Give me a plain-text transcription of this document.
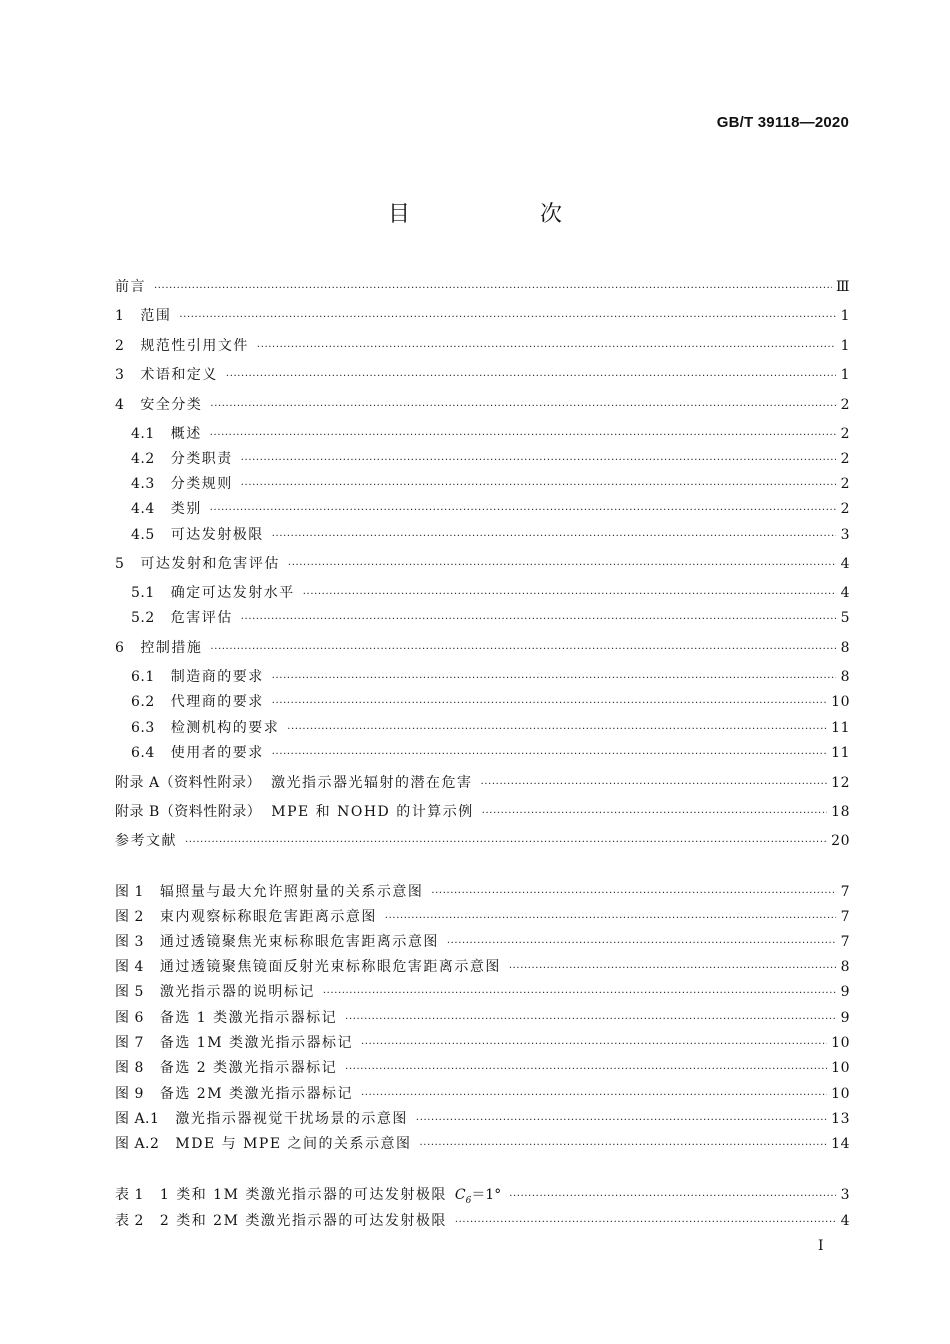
GB/T 39118—2020
目　次
前言 ·····	Ⅲ
1 范围 ·····	1
2 规范性引用文件 ·····	1
3 术语和定义 ·····	1
4 安全分类 ·····	2
4.1 概述 ·····	2
4.2 分类职责 ·····	2
4.3 分类规则 ·····	2
4.4 类别 ·····	2
4.5 可达发射极限 ·····	3
5 可达发射和危害评估 ·····	4
5.1 确定可达发射水平 ·····	4
5.2 危害评估 ·····	5
6 控制措施 ·····	8
6.1 制造商的要求 ·····	8
6.2 代理商的要求 ·····	10
6.3 检测机构的要求 ·····	11
6.4 使用者的要求 ·····	11
附录 A（资料性附录） 激光指示器光辐射的潜在危害 ·····	12
附录 B（资料性附录） MPE 和 NOHD 的计算示例 ·····	18
参考文献 ·····	20
图 1 辐照量与最大允许照射量的关系示意图 ·····	7
图 2 束内观察标称眼危害距离示意图 ·····	7
图 3 通过透镜聚焦光束标称眼危害距离示意图 ·····	7
图 4 通过透镜聚焦镜面反射光束标称眼危害距离示意图 ·····	8
图 5 激光指示器的说明标记 ·····	9
图 6 备选 1 类激光指示器标记 ·····	9
图 7 备选 1M 类激光指示器标记 ·····	10
图 8 备选 2 类激光指示器标记 ·····	10
图 9 备选 2M 类激光指示器标记 ·····	10
图 A.1 激光指示器视觉干扰场景的示意图 ·····	13
图 A.2 MDE 与 MPE 之间的关系示意图 ·····	14
表 1 1 类和 1M 类激光指示器的可达发射极限 $C_6=1^\circ$ ·····	3
表 2 2 类和 2M 类激光指示器的可达发射极限 ·····	4
I
